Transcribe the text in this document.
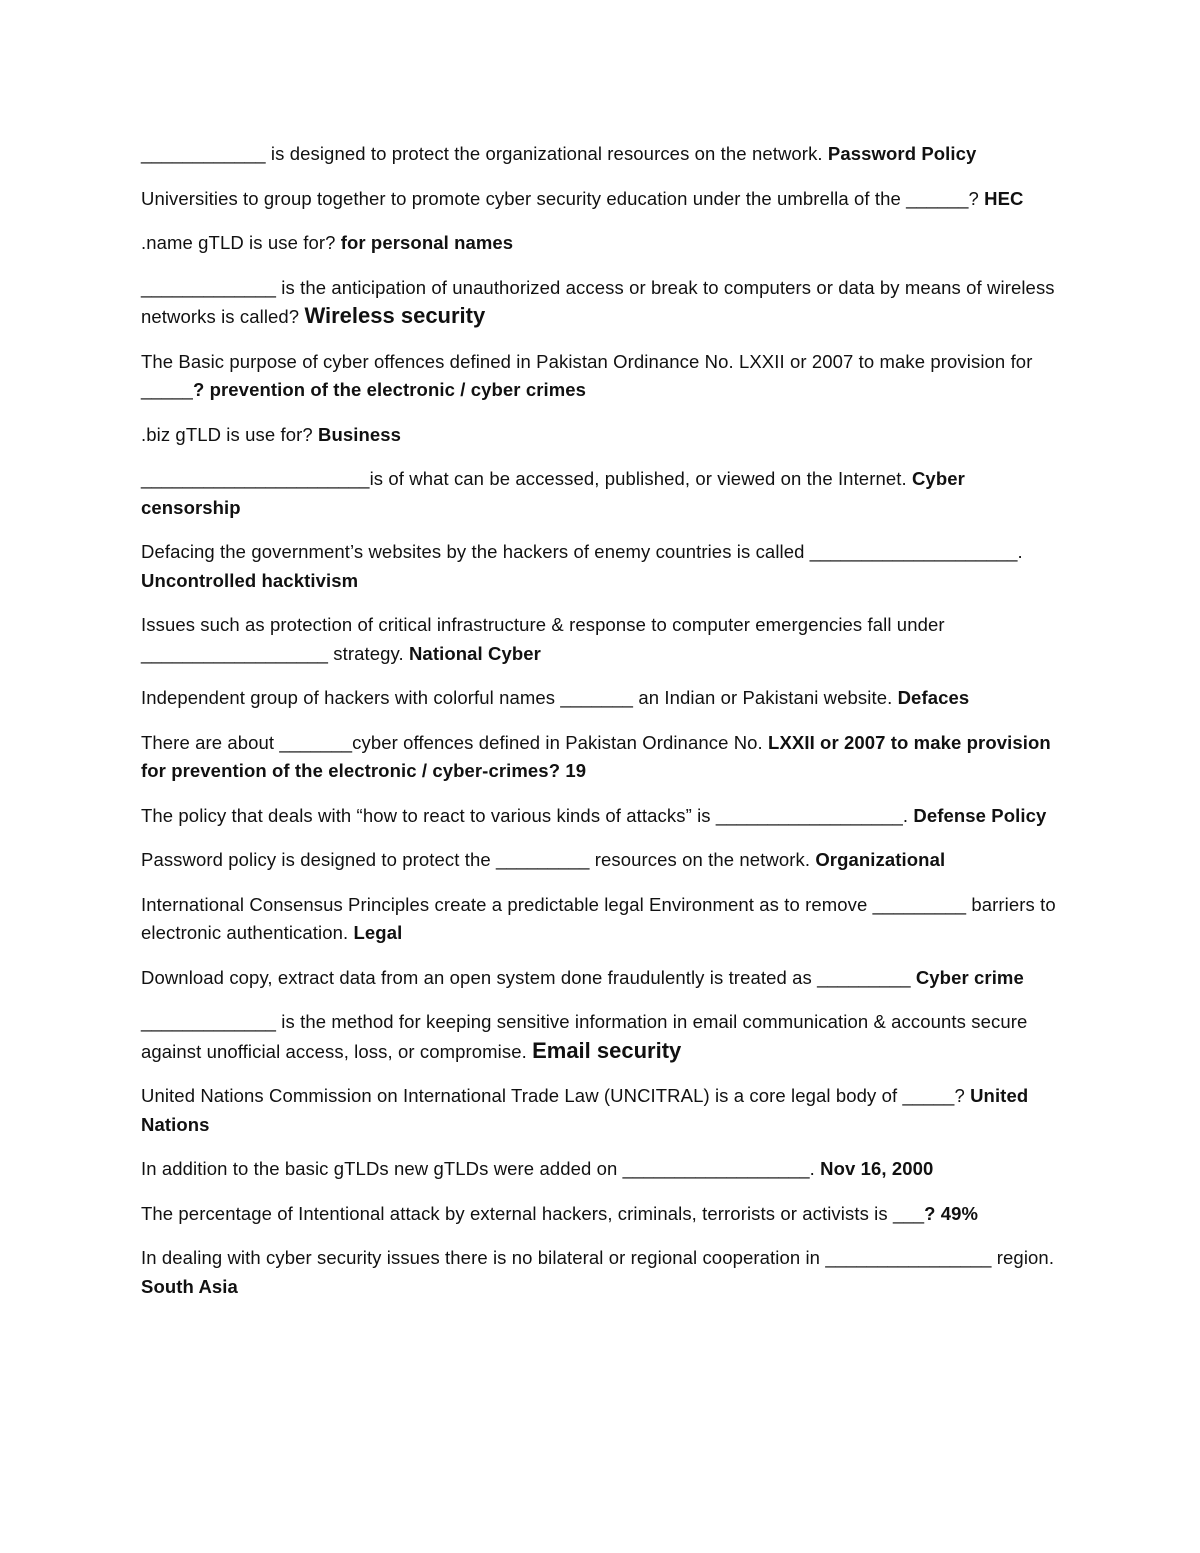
____________ is designed to protect the organizational resources on the network. Password Policy

Universities to group together to promote cyber security education under the umbrella of the ______? HEC

.name gTLD is use for? for personal names

_____________ is the anticipation of unauthorized access or break to computers or data by means of wireless networks is called? Wireless security

The Basic purpose of cyber offences defined in Pakistan Ordinance No. LXXII or 2007 to make provision for _____? prevention of the electronic / cyber crimes

.biz gTLD is use for? Business

______________________is of what can be accessed, published, or viewed on the Internet. Cyber censorship

Defacing the government’s websites by the hackers of enemy countries is called ____________________. Uncontrolled hacktivism

Issues such as protection of critical infrastructure & response to computer emergencies fall under __________________ strategy. National Cyber

Independent group of hackers with colorful names _______ an Indian or Pakistani website. Defaces

There are about _______cyber offences defined in Pakistan Ordinance No. LXXII or 2007 to make provision for prevention of the electronic / cyber-crimes? 19

The policy that deals with “how to react to various kinds of attacks” is __________________. Defense Policy

Password policy is designed to protect the _________ resources on the network. Organizational

International Consensus Principles create a predictable legal Environment as to remove _________ barriers to electronic authentication. Legal

Download copy, extract data from an open system done fraudulently is treated as _________ Cyber crime

_____________ is the method for keeping sensitive information in email communication & accounts secure against unofficial access, loss, or compromise. Email security

United Nations Commission on International Trade Law (UNCITRAL) is a core legal body of _____? United Nations

In addition to the basic gTLDs new gTLDs were added on __________________. Nov 16, 2000

The percentage of Intentional attack by external hackers, criminals, terrorists or activists is ___? 49%

In dealing with cyber security issues there is no bilateral or regional cooperation in ________________ region. South Asia
